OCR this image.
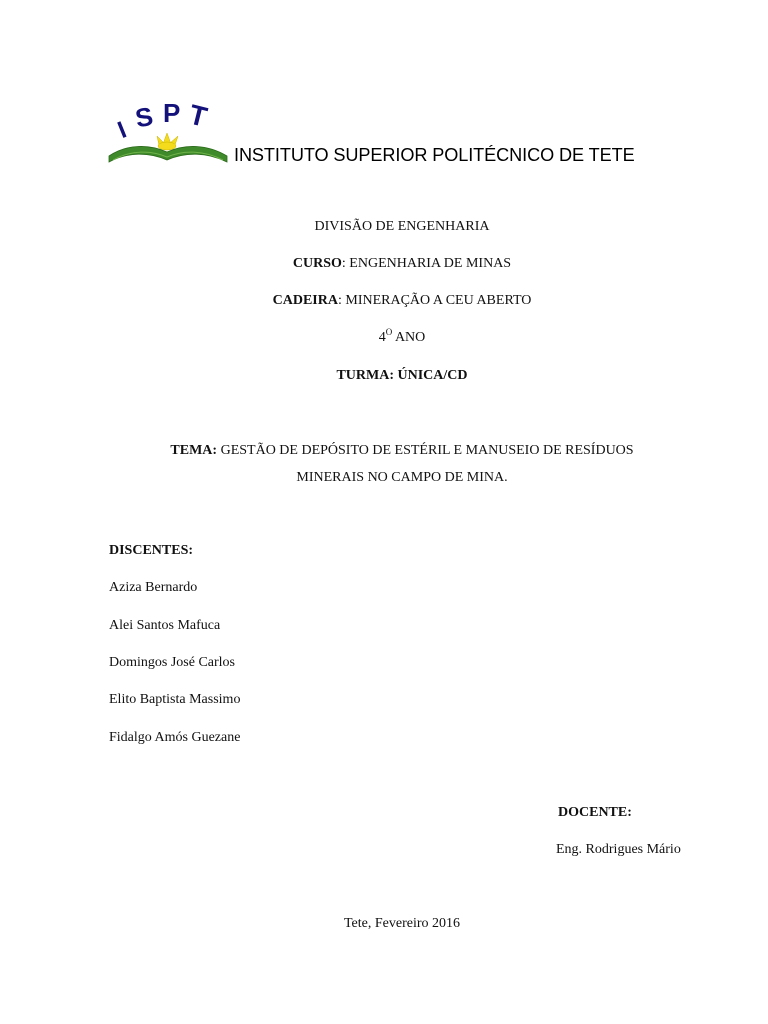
I S P T
INSTITUTO SUPERIOR POLITÉCNICO DE TETE
DIVISÃO DE ENGENHARIA
CURSO: ENGENHARIA DE MINAS
CADEIRA: MINERAÇÃO A CEU ABERTO
$4^O$ ANO
TURMA: ÚNICA/CD
TEMA: GESTÃO DE DEPÓSITO DE ESTÉRIL E MANUSEIO DE RESÍDUOS
MINERAIS NO CAMPO DE MINA.
DISCENTES:
Aziza Bernardo
Alei Santos Mafuca
Domingos José Carlos
Elito Baptista Massimo
Fidalgo Amós Guezane
DOCENTE:
Eng. Rodrigues Mário
Tete, Fevereiro 2016
